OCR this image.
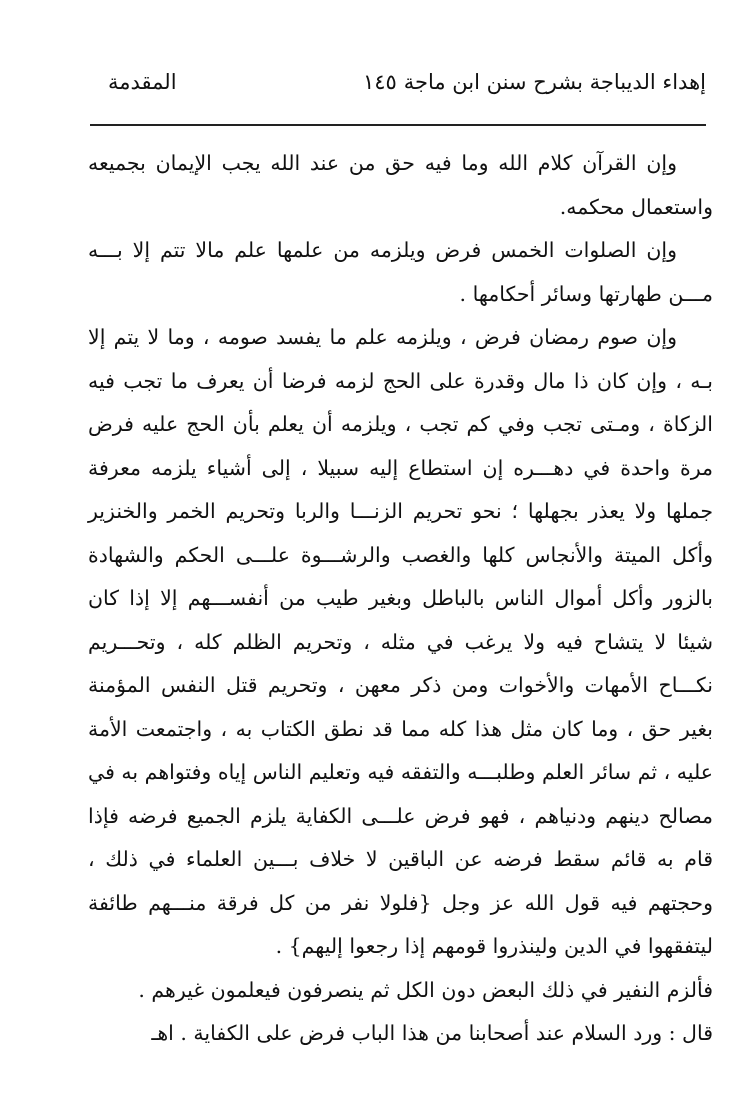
إهداء الديباجة بشرح سنن ابن ماجة
١٤٥
المقدمة

وإن القرآن كلام الله وما فيه حق من عند الله يجب الإيمان بجميعه واستعمال محكمه.

وإن الصلوات الخمس فرض ويلزمه من علمها علم مالا تتم إلا بـــه مـــن طهارتها وسائر أحكامها .

وإن صوم رمضان فرض ، ويلزمه علم ما يفسد صومه ، وما لا يتم إلا بـه ، وإن كان ذا مال وقدرة على الحج لزمه فرضا أن يعرف ما تجب فيه الزكاة ، ومـتى تجب وفي كم تجب ، ويلزمه أن يعلم بأن الحج عليه فرض مرة واحدة في دهـــره إن استطاع إليه سبيلا ، إلى أشياء يلزمه معرفة جملها ولا يعذر بجهلها ؛ نحو تحريم الزنـــا والربا وتحريم الخمر والخنزير وأكل الميتة والأنجاس كلها والغصب والرشـــوة علـــى الحكم والشهادة بالزور وأكل أموال الناس بالباطل وبغير طيب من أنفســـهم إلا إذا كان شيئا لا يتشاح فيه ولا يرغب في مثله ، وتحريم الظلم كله ، وتحـــريم نكـــاح الأمهات والأخوات ومن ذكر معهن ، وتحريم قتل النفس المؤمنة بغير حق ، وما كان مثل هذا كله مما قد نطق الكتاب به ، واجتمعت الأمة عليه ، ثم سائر العلم وطلبـــه والتفقه فيه وتعليم الناس إياه وفتواهم به في مصالح دينهم ودنياهم ، فهو فرض علـــى الكفاية يلزم الجميع فرضه فإذا قام به قائم سقط فرضه عن الباقين لا خلاف بـــين العلماء في ذلك ، وحجتهم فيه قول الله عز وجل {فلولا نفر من كل فرقة منـــهم طائفة ليتفقهوا في الدين ولينذروا قومهم إذا رجعوا إليهم} .

فألزم النفير في ذلك البعض دون الكل ثم ينصرفون فيعلمون غيرهم .

قال : ورد السلام عند أصحابنا من هذا الباب فرض على الكفاية . اهـ
